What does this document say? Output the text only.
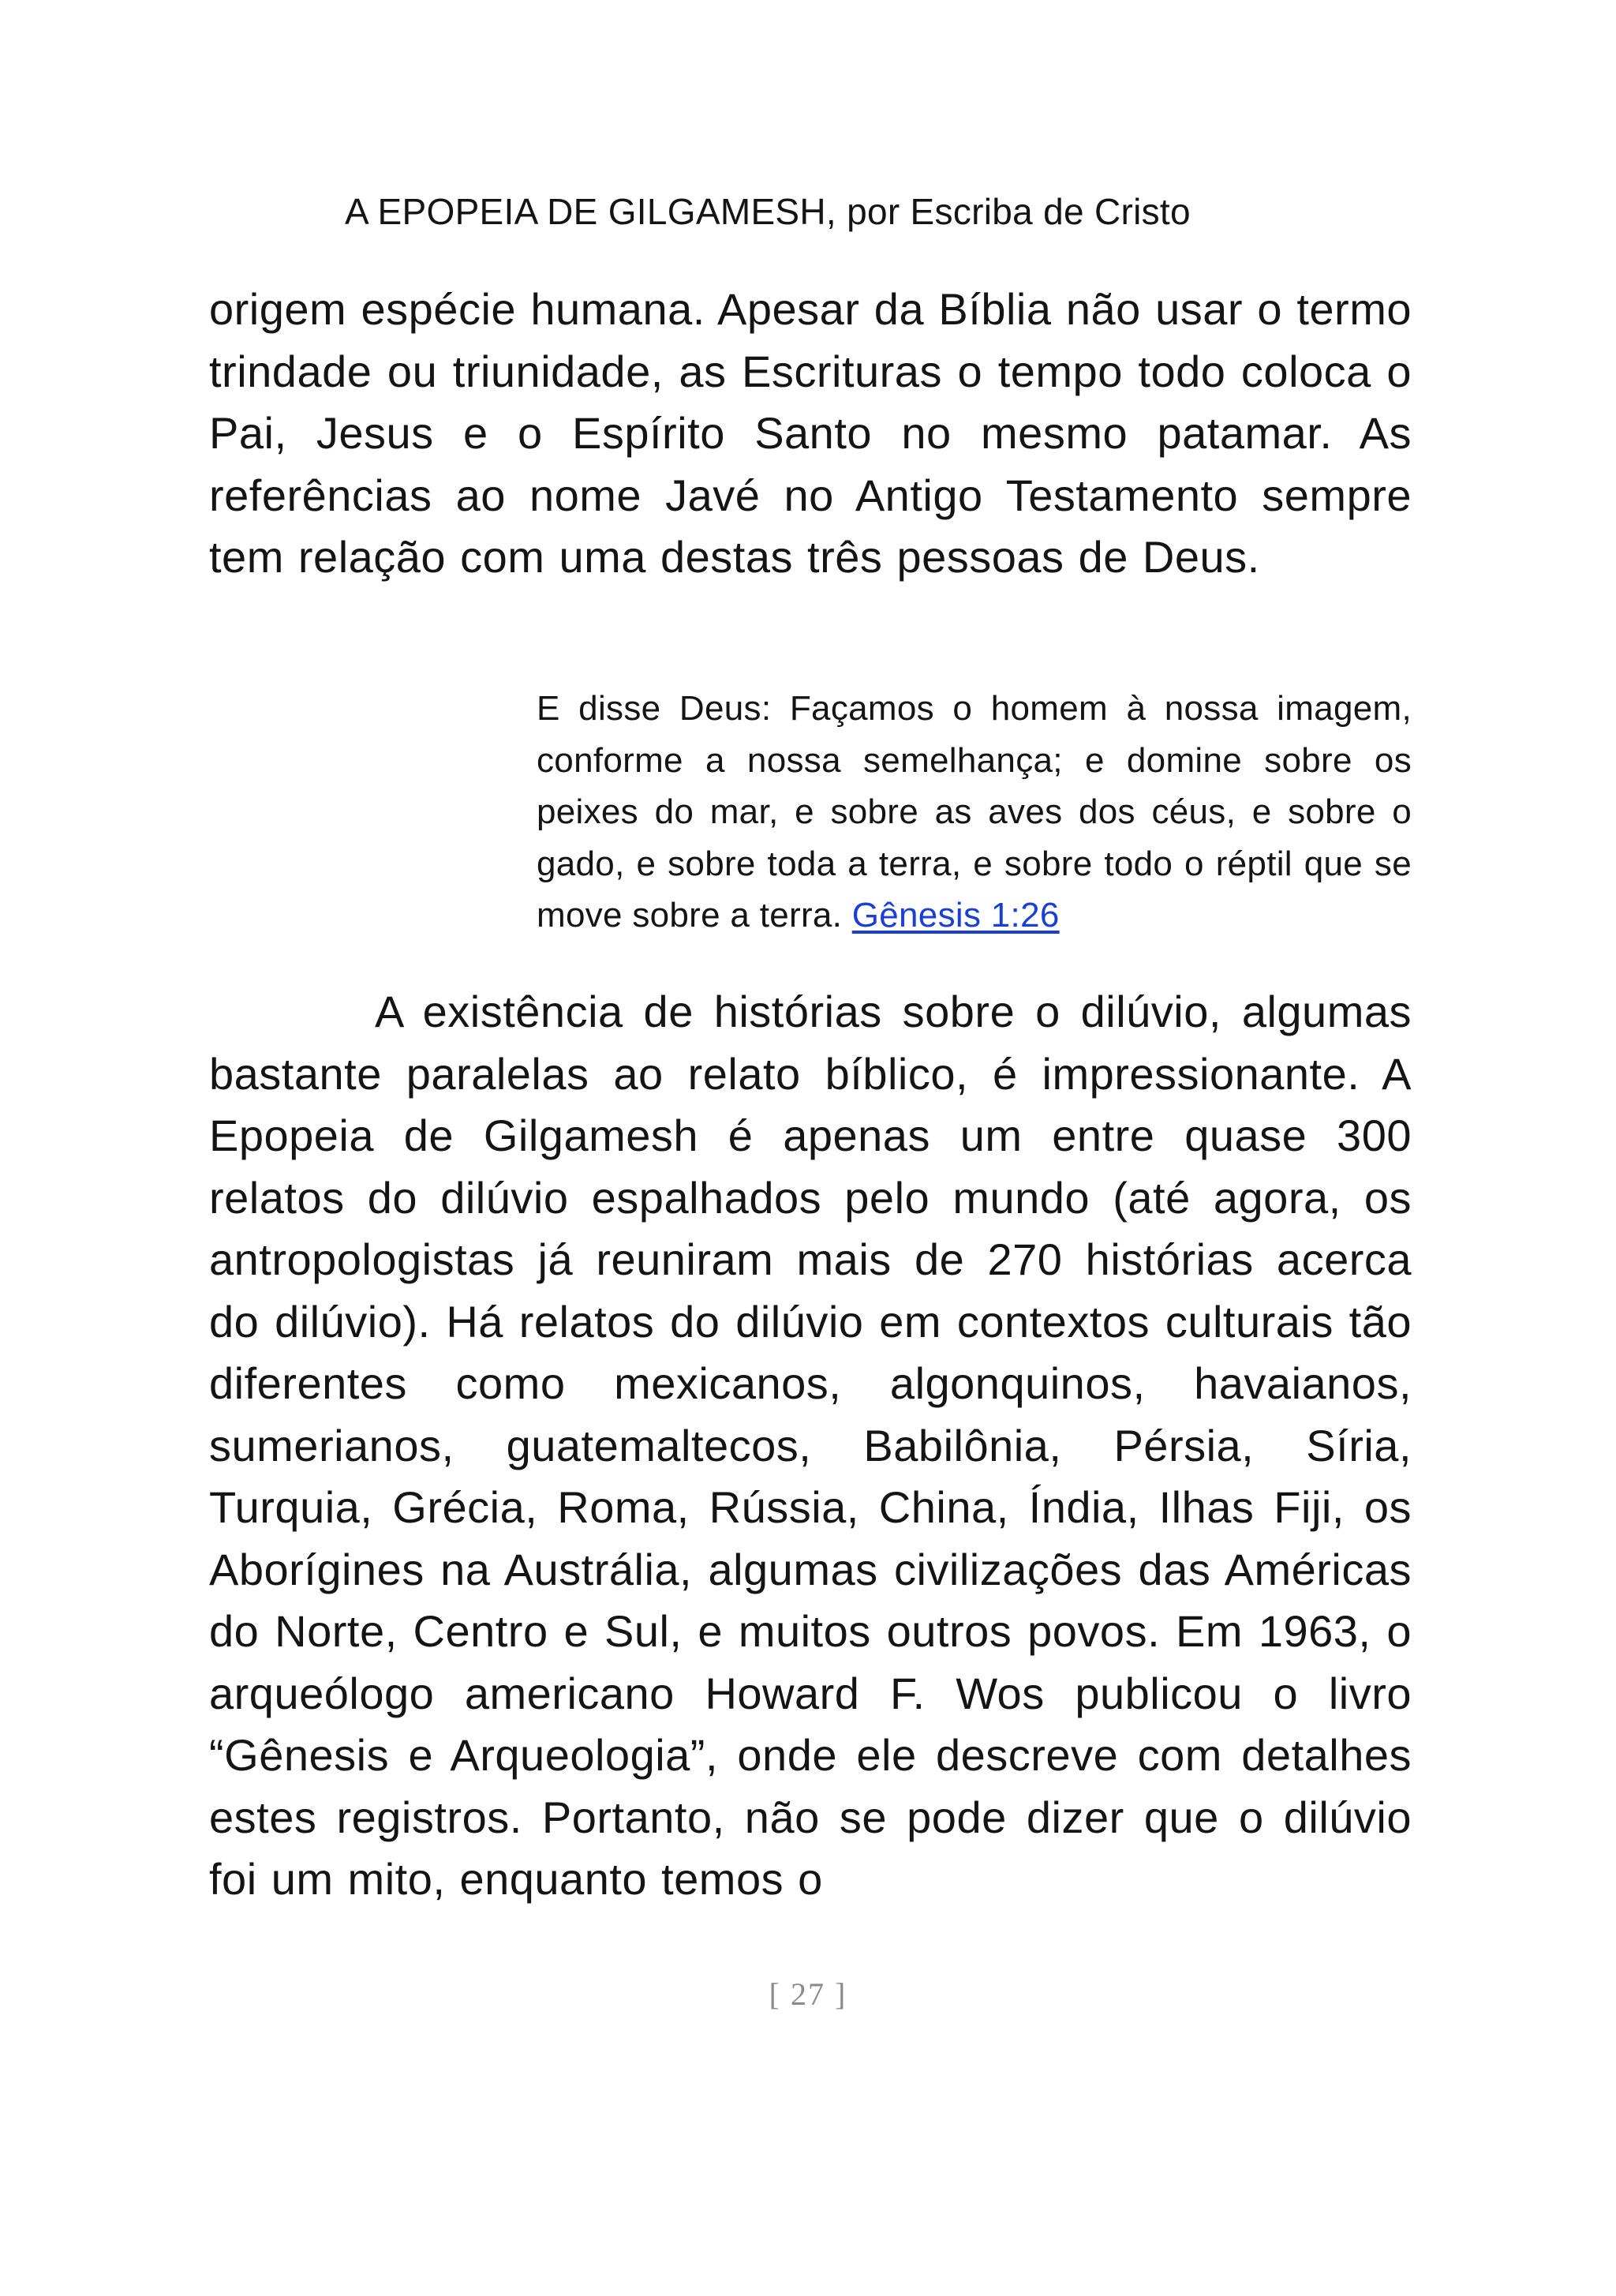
A EPOPEIA DE GILGAMESH, por Escriba de Cristo

origem espécie humana. Apesar da Bíblia não usar o termo trindade ou triunidade, as Escrituras o tempo todo coloca o Pai, Jesus e o Espírito Santo no mesmo patamar. As referências ao nome Javé no Antigo Testamento sempre tem relação com uma destas três pessoas de Deus.

E disse Deus: Façamos o homem à nossa imagem, conforme a nossa semelhança; e domine sobre os peixes do mar, e sobre as aves dos céus, e sobre o gado, e sobre toda a terra, e sobre todo o réptil que se move sobre a terra. Gênesis 1:26

A existência de histórias sobre o dilúvio, algumas bastante paralelas ao relato bíblico, é impressionante. A Epopeia de Gilgamesh é apenas um entre quase 300 relatos do dilúvio espalhados pelo mundo (até agora, os antropologistas já reuniram mais de 270 histórias acerca do dilúvio). Há relatos do dilúvio em contextos culturais tão diferentes como mexicanos, algonquinos, havaianos, sumerianos, guatemaltecos, Babilônia, Pérsia, Síria, Turquia, Grécia, Roma, Rússia, China, Índia, Ilhas Fiji, os Aborígines na Austrália, algumas civilizações das Américas do Norte, Centro e Sul, e muitos outros povos. Em 1963, o arqueólogo americano Howard F. Wos publicou o livro “Gênesis e Arqueologia”, onde ele descreve com detalhes estes registros. Portanto, não se pode dizer que o dilúvio foi um mito, enquanto temos o

[ 27 ]
